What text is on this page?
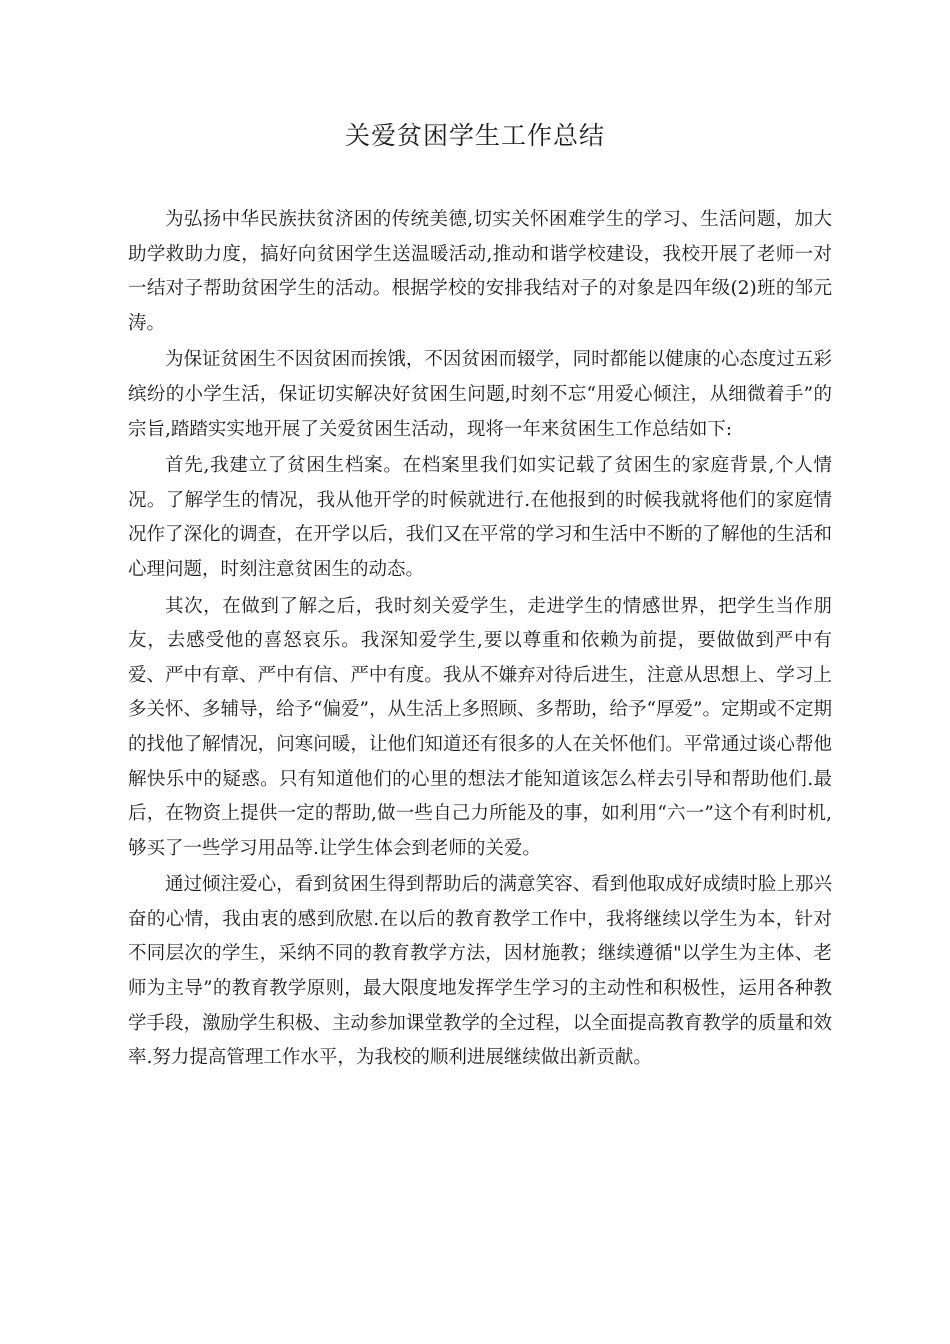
关爱贫困学生工作总结

为弘扬中华民族扶贫济困的传统美德,切实关怀困难学生的学习、生活问题，加大助学救助力度，搞好向贫困学生送温暖活动,推动和谐学校建设，我校开展了老师一对一结对子帮助贫困学生的活动。根据学校的安排我结对子的对象是四年级(2)班的邹元涛。

为保证贫困生不因贫困而挨饿，不因贫困而辍学，同时都能以健康的心态度过五彩缤纷的小学生活，保证切实解决好贫困生问题,时刻不忘“用爱心倾注，从细微着手”的宗旨,踏踏实实地开展了关爱贫困生活动，现将一年来贫困生工作总结如下:

首先,我建立了贫困生档案。在档案里我们如实记载了贫困生的家庭背景,个人情况。了解学生的情况，我从他开学的时候就进行.在他报到的时候我就将他们的家庭情况作了深化的调查，在开学以后，我们又在平常的学习和生活中不断的了解他的生活和心理问题，时刻注意贫困生的动态。

其次，在做到了解之后，我时刻关爱学生，走进学生的情感世界，把学生当作朋友，去感受他的喜怒哀乐。我深知爱学生,要以尊重和依赖为前提，要做做到严中有爱、严中有章、严中有信、严中有度。我从不嫌弃对待后进生，注意从思想上、学习上多关怀、多辅导，给予“偏爱”，从生活上多照顾、多帮助，给予“厚爱”。定期或不定期的找他了解情况，问寒问暖，让他们知道还有很多的人在关怀他们。平常通过谈心帮他解快乐中的疑惑。只有知道他们的心里的想法才能知道该怎么样去引导和帮助他们.最后，在物资上提供一定的帮助,做一些自己力所能及的事，如利用“六一”这个有利时机,够买了一些学习用品等.让学生体会到老师的关爱。

通过倾注爱心，看到贫困生得到帮助后的满意笑容、看到他取成好成绩时脸上那兴奋的心情，我由衷的感到欣慰.在以后的教育教学工作中，我将继续以学生为本，针对不同层次的学生，采纳不同的教育教学方法，因材施教；继续遵循"以学生为主体、老师为主导”的教育教学原则，最大限度地发挥学生学习的主动性和积极性，运用各种教学手段，激励学生积极、主动参加课堂教学的全过程，以全面提高教育教学的质量和效率.努力提高管理工作水平，为我校的顺利进展继续做出新贡献。
